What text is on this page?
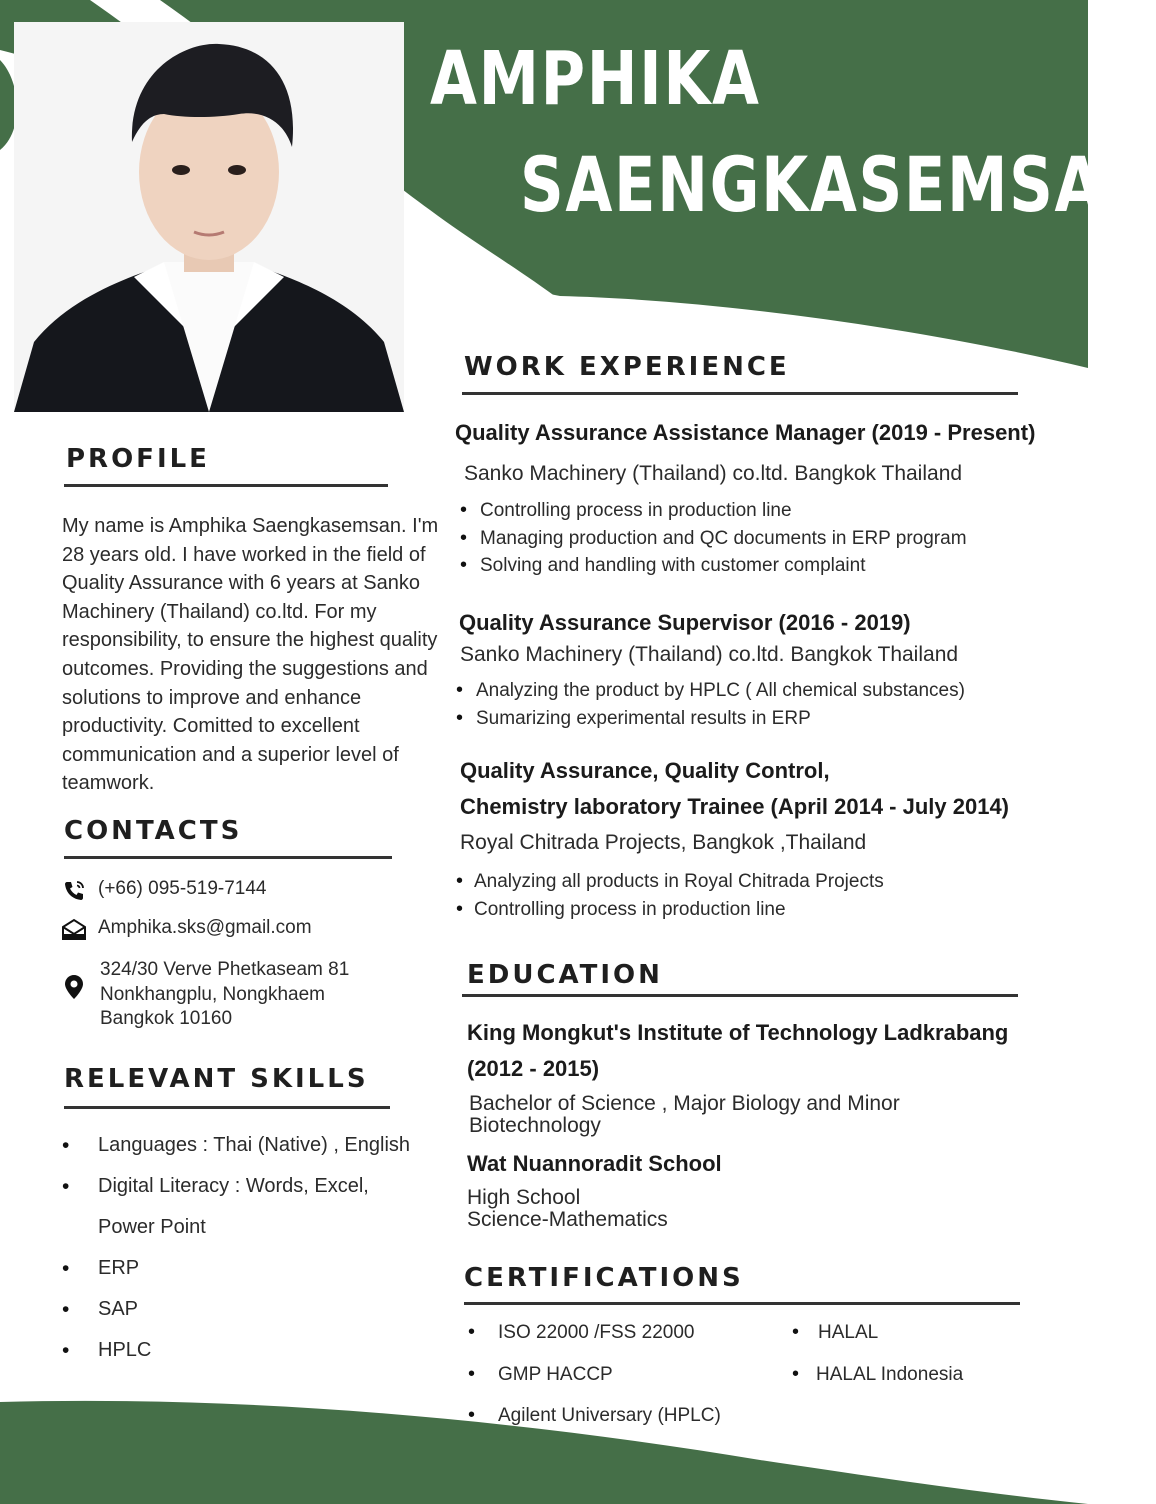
AMPHIKA
SAENGKASEMSAN
PROFILE
My name is Amphika Saengkasemsan. I'm 28 years old. I have worked in the field of Quality Assurance with 6 years at Sanko Machinery (Thailand) co.ltd. For my responsibility, to ensure the highest quality outcomes. Providing the suggestions and solutions to improve and enhance productivity. Comitted to excellent communication and a superior level of teamwork.
CONTACTS
(+66) 095-519-7144
Amphika.sks@gmail.com
324/30 Verve Phetkaseam 81
Nonkhangplu, Nongkhaem
Bangkok 10160
RELEVANT SKILLS
• Languages : Thai (Native) , English
• Digital Literacy : Words, Excel,
Power Point
• ERP
• SAP
• HPLC
WORK EXPERIENCE
Quality Assurance Assistance Manager (2019 - Present)
Sanko Machinery (Thailand) co.ltd. Bangkok Thailand
• Controlling process in production line
• Managing production and QC documents in ERP program
• Solving and handling with customer complaint
Quality Assurance Supervisor (2016 - 2019)
Sanko Machinery (Thailand) co.ltd. Bangkok Thailand
• Analyzing the product by HPLC ( All chemical substances)
• Sumarizing experimental results in ERP
Quality Assurance, Quality Control,
Chemistry laboratory Trainee (April 2014 - July 2014)
Royal Chitrada Projects, Bangkok ,Thailand
• Analyzing all products in Royal Chitrada Projects
• Controlling process in production line
EDUCATION
King Mongkut's Institute of Technology Ladkrabang
(2012 - 2015)
Bachelor of Science , Major Biology and Minor
Biotechnology
Wat Nuannoradit School
High School
Science-Mathematics
CERTIFICATIONS
• ISO 22000 /FSS 22000
• GMP HACCP
• Agilent Universary (HPLC)
• HALAL
• HALAL Indonesia
